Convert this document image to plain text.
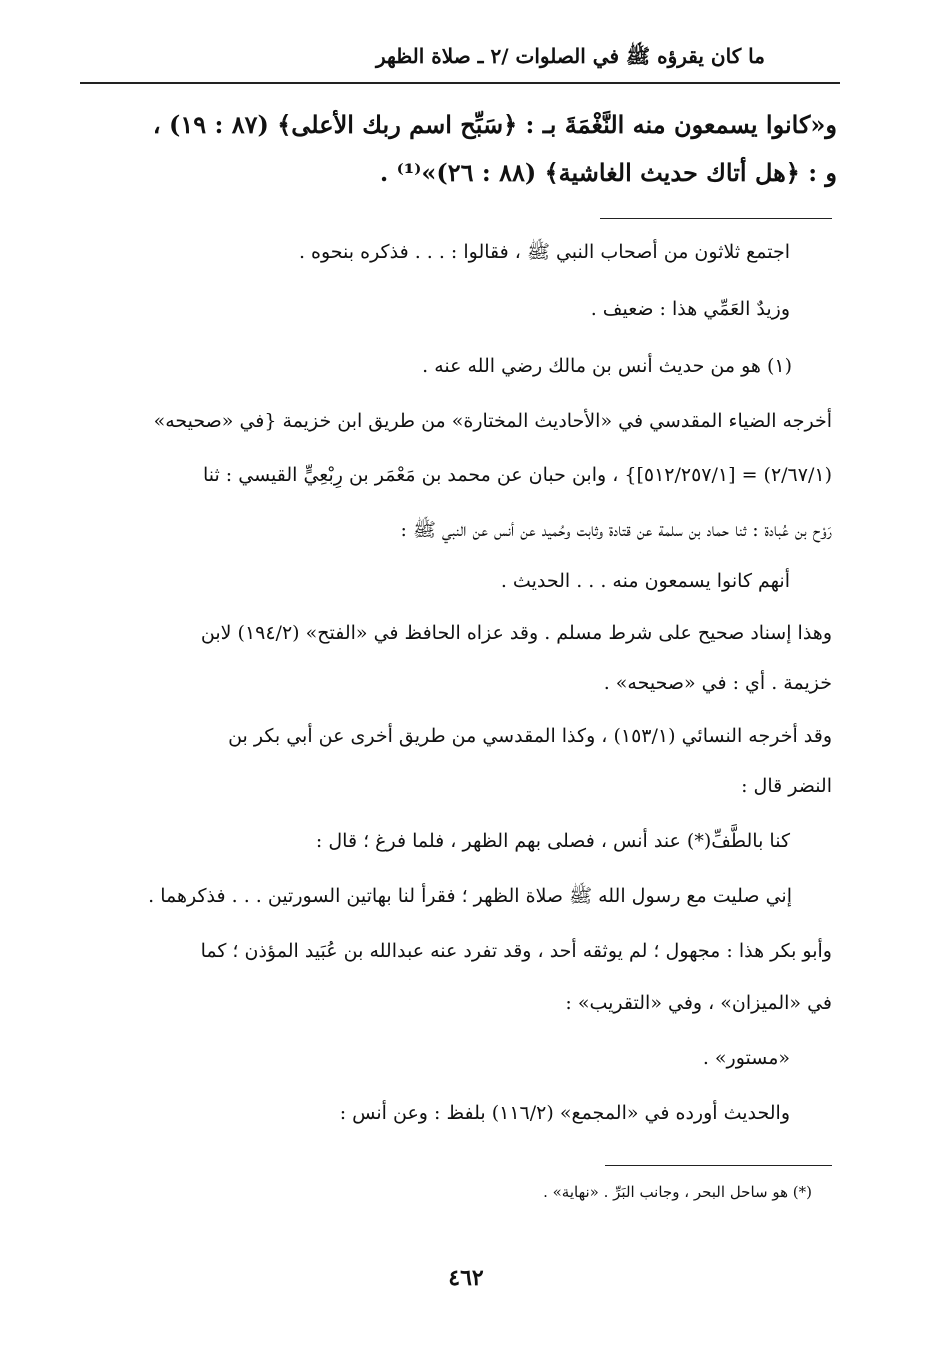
ما كان يقرؤه ﷺ في الصلوات /٢ ـ صلاة الظهر
و«كانوا يسمعون منه النَّغْمَةَ بـ : ﴿سَبِّح اسم ربك الأعلى﴾ (٨٧ : ١٩) ،
و : ﴿هل أتاك حديث الغاشية﴾ (٨٨ : ٢٦)»⁽¹⁾ .
اجتمع ثلاثون من أصحاب النبي ﷺ ، فقالوا : . . . فذكره بنحوه .
وزيدٌ العَمِّي هذا : ضعيف .
(١) هو من حديث أنس بن مالك رضي الله عنه .
أخرجه الضياء المقدسي في «الأحاديث المختارة» من طريق ابن خزيمة {في «صحيحه»
(٢/٦٧/١) = [٥١٢/٢٥٧/١]} ، وابن حبان عن محمد بن مَعْمَر بن رِبْعِيٍّ القيسي : ثنا
رَوْح بن عُبادة : ثنا حماد بن سلمة عن قتادة وثابت وحُميد عن أنس عن النبي ﷺ :
أنهم كانوا يسمعون منه . . . الحديث .
وهذا إسناد صحيح على شرط مسلم . وقد عزاه الحافظ في «الفتح» (١٩٤/٢) لابن
خزيمة . أي : في «صحيحه» .
وقد أخرجه النسائي (١٥٣/١) ، وكذا المقدسي من طريق أخرى عن أبي بكر بن
النضر قال :
كنا بالطَّفِّ(*) عند أنس ، فصلى بهم الظهر ، فلما فرغ ؛ قال :
إني صليت مع رسول الله ﷺ صلاة الظهر ؛ فقرأ لنا بهاتين السورتين . . . فذكرهما .
وأبو بكر هذا : مجهول ؛ لم يوثقه أحد ، وقد تفرد عنه عبدالله بن عُبَيد المؤذن ؛ كما
في «الميزان» ، وفي «التقريب» :
«مستور» .
والحديث أورده في «المجمع» (١١٦/٢) بلفظ : وعن أنس :
(*) هو ساحل البحر ، وجانب البَرِّ . «نهاية» .
٤٦٢
